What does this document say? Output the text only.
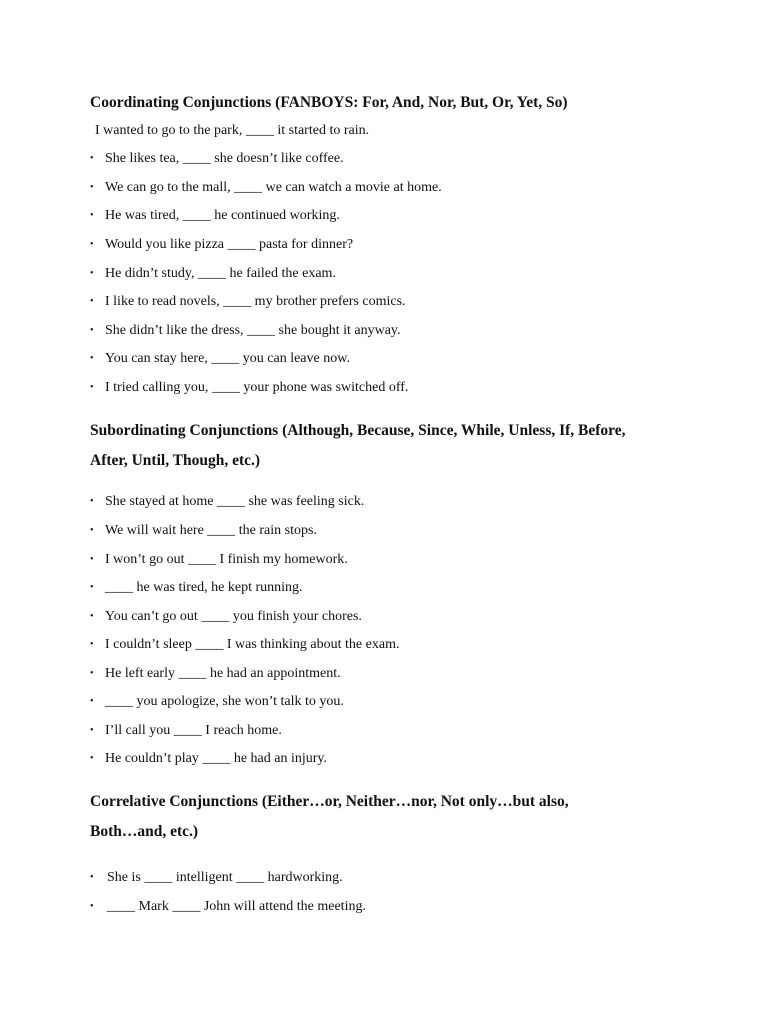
Coordinating Conjunctions (FANBOYS: For, And, Nor, But, Or, Yet, So)

I wanted to go to the park, ____ it started to rain.

• She likes tea, ____ she doesn’t like coffee.

• We can go to the mall, ____ we can watch a movie at home.

• He was tired, ____ he continued working.

• Would you like pizza ____ pasta for dinner?

• He didn’t study, ____ he failed the exam.

• I like to read novels, ____ my brother prefers comics.

• She didn’t like the dress, ____ she bought it anyway.

• You can stay here, ____ you can leave now.

• I tried calling you, ____ your phone was switched off.

Subordinating Conjunctions (Although, Because, Since, While, Unless, If, Before,
After, Until, Though, etc.)

• She stayed at home ____ she was feeling sick.

• We will wait here ____ the rain stops.

• I won’t go out ____ I finish my homework.

• ____ he was tired, he kept running.

• You can’t go out ____ you finish your chores.

• I couldn’t sleep ____ I was thinking about the exam.

• He left early ____ he had an appointment.

• ____ you apologize, she won’t talk to you.

• I’ll call you ____ I reach home.

• He couldn’t play ____ he had an injury.

Correlative Conjunctions (Either…or, Neither…nor, Not only…but also,
Both…and, etc.)

• She is ____ intelligent ____ hardworking.

• ____ Mark ____ John will attend the meeting.
